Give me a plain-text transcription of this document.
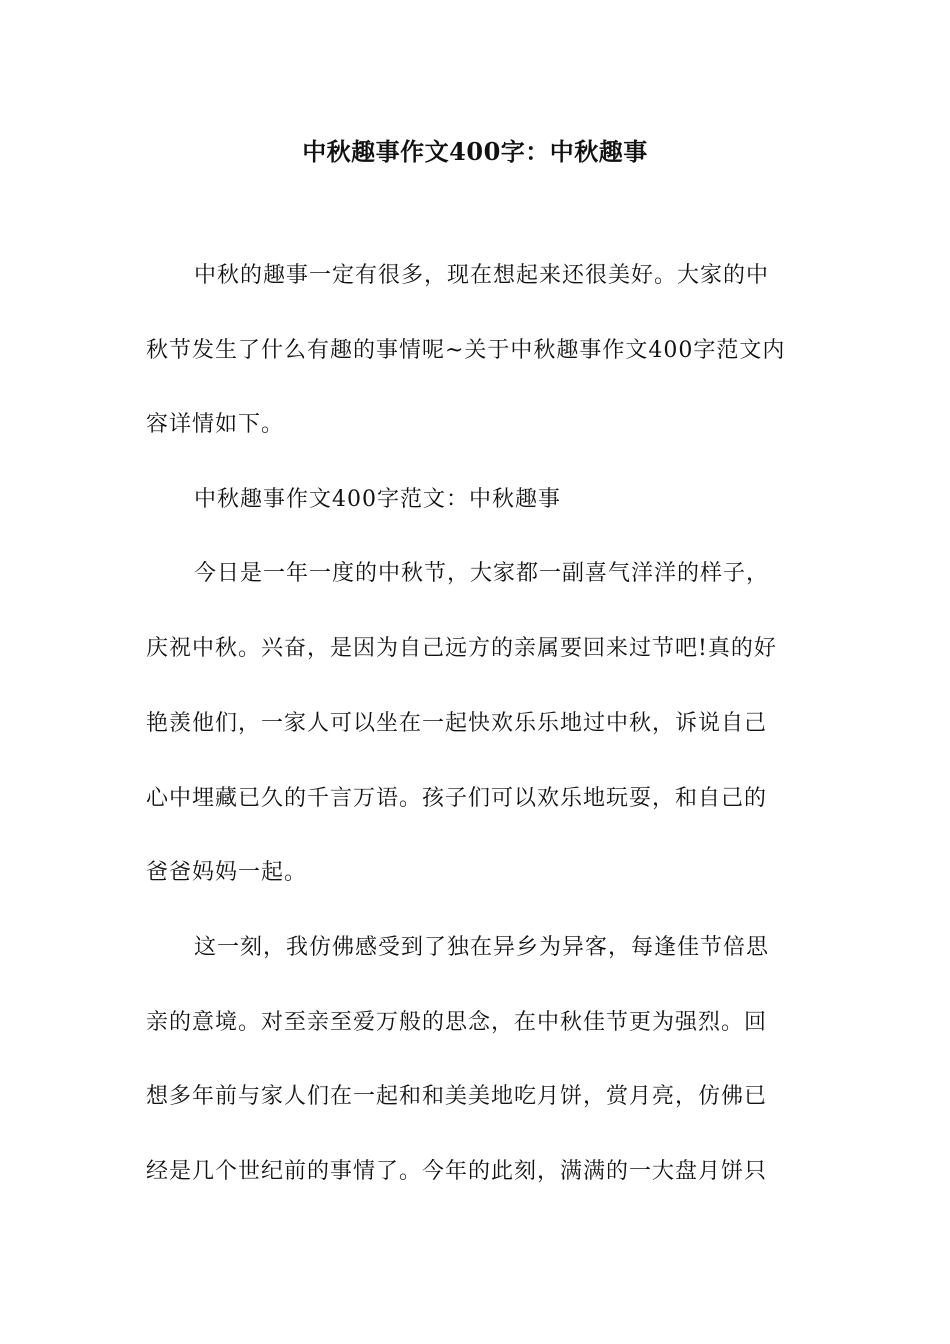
中秋趣事作文400字：中秋趣事
中秋的趣事一定有很多，现在想起来还很美好。大家的中
秋节发生了什么有趣的事情呢~关于中秋趣事作文400字范文内
容详情如下。
中秋趣事作文400字范文：中秋趣事
今日是一年一度的中秋节，大家都一副喜气洋洋的样子，
庆祝中秋。兴奋，是因为自己远方的亲属要回来过节吧!真的好
艳羡他们，一家人可以坐在一起快欢乐乐地过中秋，诉说自己
心中埋藏已久的千言万语。孩子们可以欢乐地玩耍，和自己的
爸爸妈妈一起。
这一刻，我仿佛感受到了独在异乡为异客，每逢佳节倍思
亲的意境。对至亲至爱万般的思念，在中秋佳节更为强烈。回
想多年前与家人们在一起和和美美地吃月饼，赏月亮，仿佛已
经是几个世纪前的事情了。今年的此刻，满满的一大盘月饼只
